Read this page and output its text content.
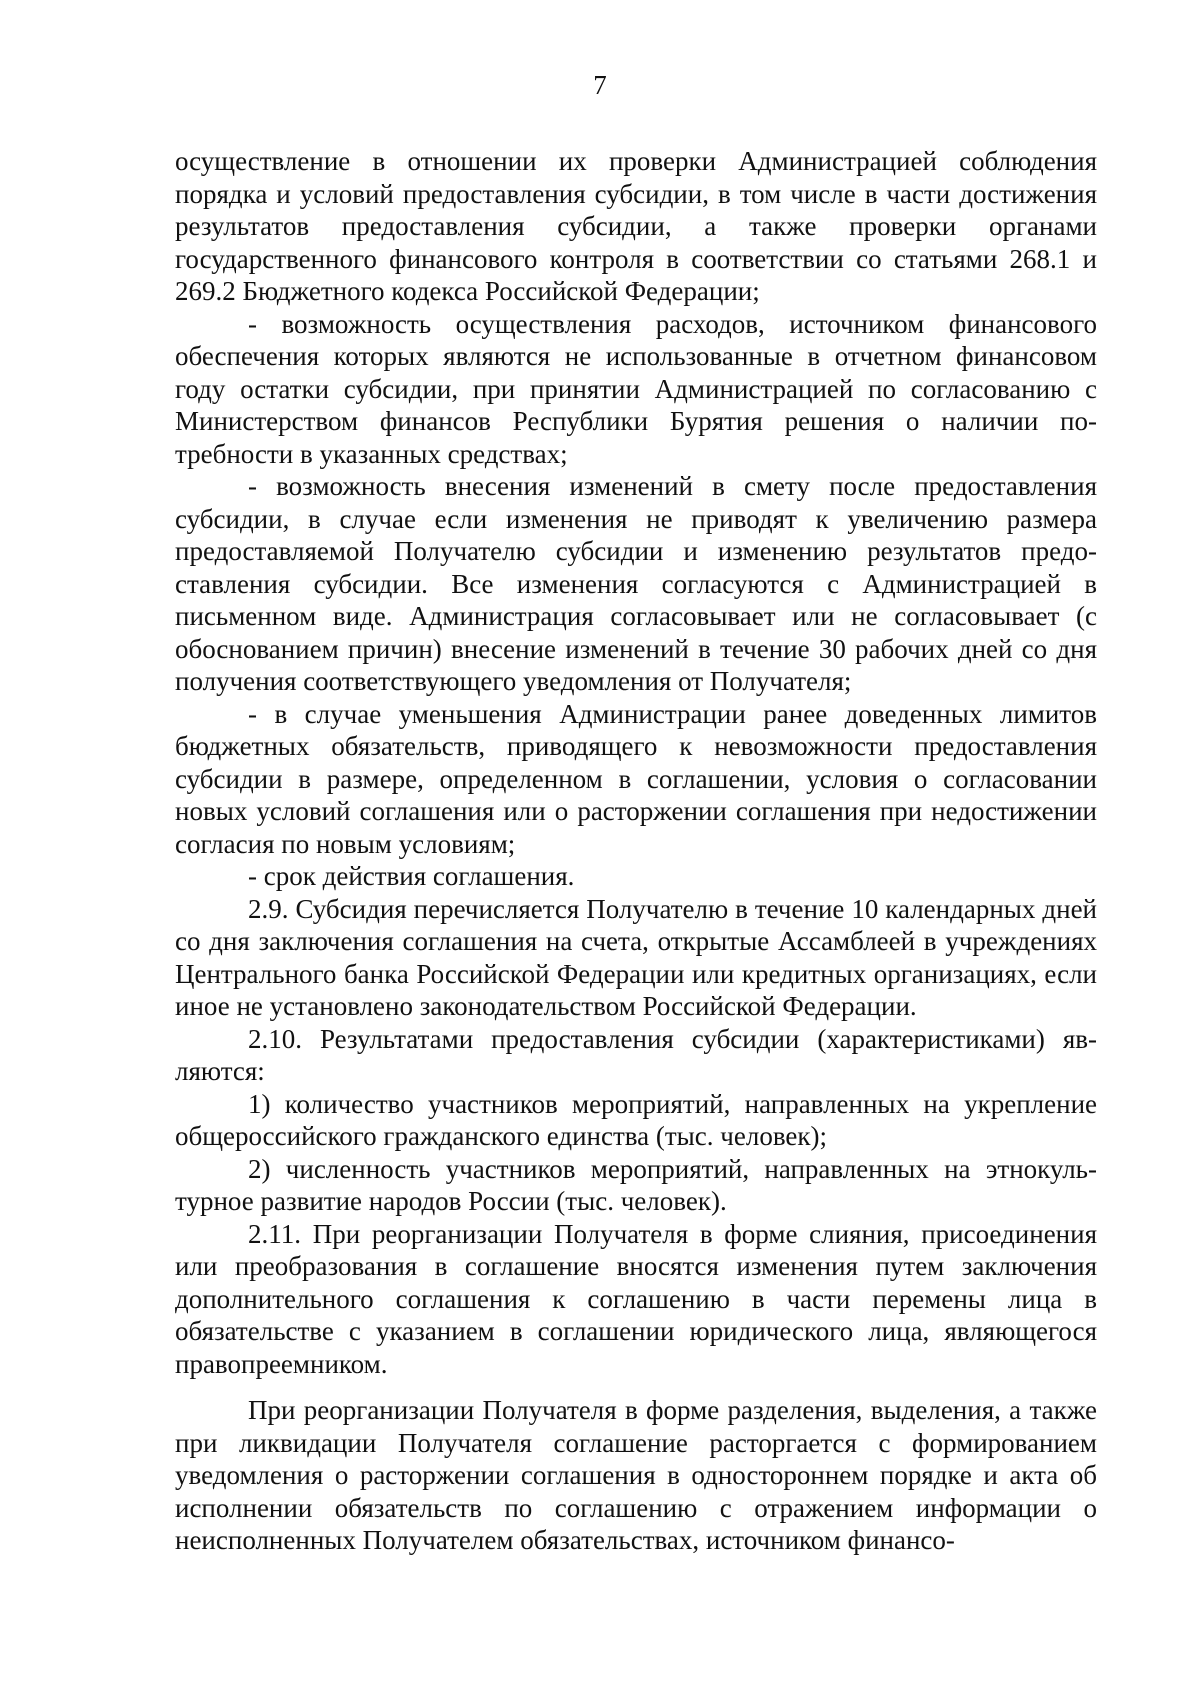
7

осуществление в отношении их проверки Администрацией соблюдения порядка и условий предоставления субсидии, в том числе в части достижения результатов предоставления субсидии, а также проверки органами государственного финансового контроля в соответствии со статьями 268.1 и 269.2 Бюджетного кодекса Российской Федерации;

- возможность осуществления расходов, источником финансового обеспечения которых являются не использованные в отчетном финансовом году остатки субсидии, при принятии Администрацией по согласованию с Министерством финансов Республики Бурятия решения о наличии потребности в указанных средствах;

- возможность внесения изменений в смету после предоставления субсидии, в случае если изменения не приводят к увеличению размера предоставляемой Получателю субсидии и изменению результатов предоставления субсидии. Все изменения согласуются с Администрацией в письменном виде. Администрация согласовывает или не согласовывает (с обоснованием причин) внесение изменений в течение 30 рабочих дней со дня получения соответствующего уведомления от Получателя;

- в случае уменьшения Администрации ранее доведенных лимитов бюджетных обязательств, приводящего к невозможности предоставления субсидии в размере, определенном в соглашении, условия о согласовании новых условий соглашения или о расторжении соглашения при недостижении согласия по новым условиям;

- срок действия соглашения.

2.9. Субсидия перечисляется Получателю в течение 10 календарных дней со дня заключения соглашения на счета, открытые Ассамблеей в учреждениях Центрального банка Российской Федерации или кредитных организациях, если иное не установлено законодательством Российской Федерации.

2.10. Результатами предоставления субсидии (характеристиками) являются:

1) количество участников мероприятий, направленных на укрепление общероссийского гражданского единства (тыс. человек);

2) численность участников мероприятий, направленных на этнокультурное развитие народов России (тыс. человек).

2.11. При реорганизации Получателя в форме слияния, присоединения или преобразования в соглашение вносятся изменения путем заключения дополнительного соглашения к соглашению в части перемены лица в обязательстве с указанием в соглашении юридического лица, являющегося правопреемником.

При реорганизации Получателя в форме разделения, выделения, а также при ликвидации Получателя соглашение расторгается с формированием уведомления о расторжении соглашения в одностороннем порядке и акта об исполнении обязательств по соглашению с отражением информации о неисполненных Получателем обязательствах, источником финансо-
